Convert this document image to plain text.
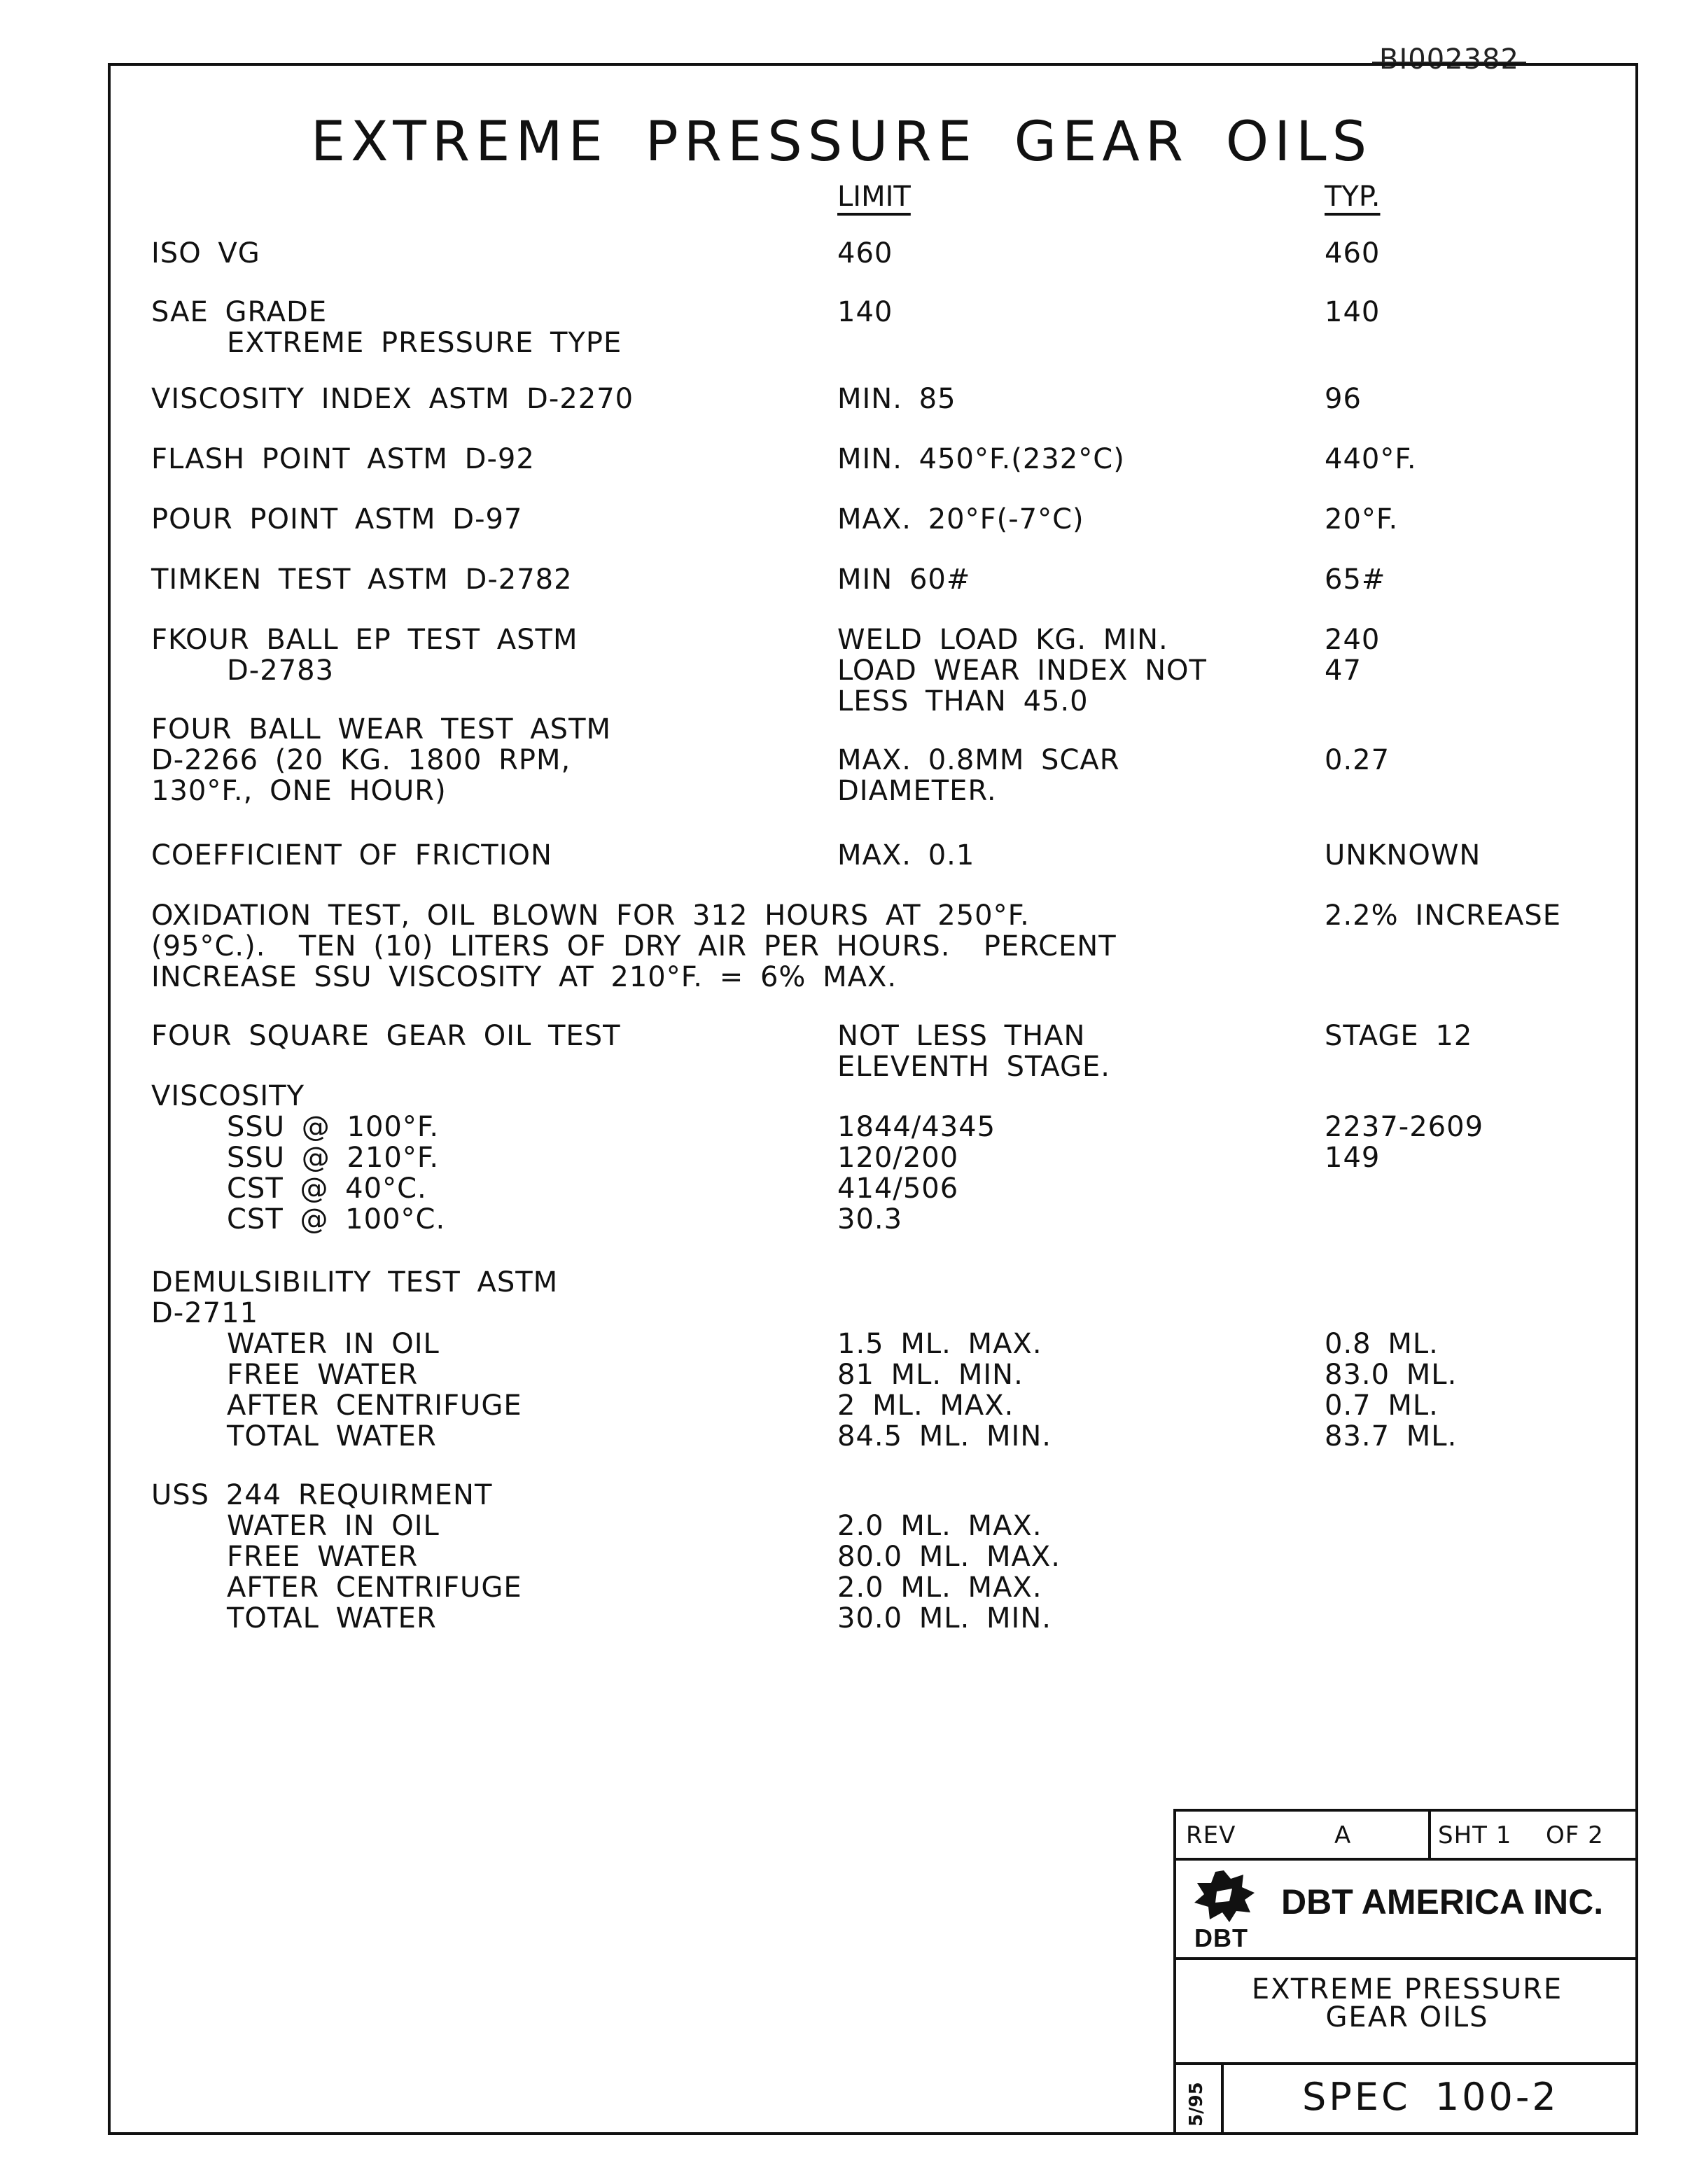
BI002382
EXTREME PRESSURE GEAR OILS
LIMIT	TYP.
ISO VG	460	460
SAE GRADE	140	140
EXTREME PRESSURE TYPE
VISCOSITY INDEX ASTM D-2270	MIN. 85	96
FLASH POINT ASTM D-92	MIN. 450°F.(232°C)	440°F.
POUR POINT ASTM D-97	MAX. 20°F(-7°C)	20°F.
TIMKEN TEST ASTM D-2782	MIN 60#	65#
FKOUR BALL EP TEST ASTM	WELD LOAD KG. MIN.	240
D-2783	LOAD WEAR INDEX NOT	47
LESS THAN 45.0
FOUR BALL WEAR TEST ASTM
D-2266 (20 KG. 1800 RPM,	MAX. 0.8MM SCAR	0.27
130°F., ONE HOUR)	DIAMETER.
COEFFICIENT OF FRICTION	MAX. 0.1	UNKNOWN
OXIDATION TEST, OIL BLOWN FOR 312 HOURS AT 250°F.	2.2% INCREASE
(95°C.).  TEN (10) LITERS OF DRY AIR PER HOURS.  PERCENT
INCREASE SSU VISCOSITY AT 210°F. = 6% MAX.
FOUR SQUARE GEAR OIL TEST	NOT LESS THAN	STAGE 12
ELEVENTH STAGE.
VISCOSITY
SSU @ 100°F.	1844/4345	2237-2609
SSU @ 210°F.	120/200	149
CST @ 40°C.	414/506
CST @ 100°C.	30.3
DEMULSIBILITY TEST ASTM
D-2711
WATER IN OIL	1.5 ML. MAX.	0.8 ML.
FREE WATER	81 ML. MIN.	83.0 ML.
AFTER CENTRIFUGE	2 ML. MAX.	0.7 ML.
TOTAL WATER	84.5 ML. MIN.	83.7 ML.
USS 244 REQUIRMENT
WATER IN OIL	2.0 ML. MAX.
FREE WATER	80.0 ML. MAX.
AFTER CENTRIFUGE	2.0 ML. MAX.
TOTAL WATER	30.0 ML. MIN.
REV	A	SHT 1 OF 2
DBT
DBT AMERICA INC.
EXTREME PRESSURE
GEAR OILS
5/95	SPEC 100-2
